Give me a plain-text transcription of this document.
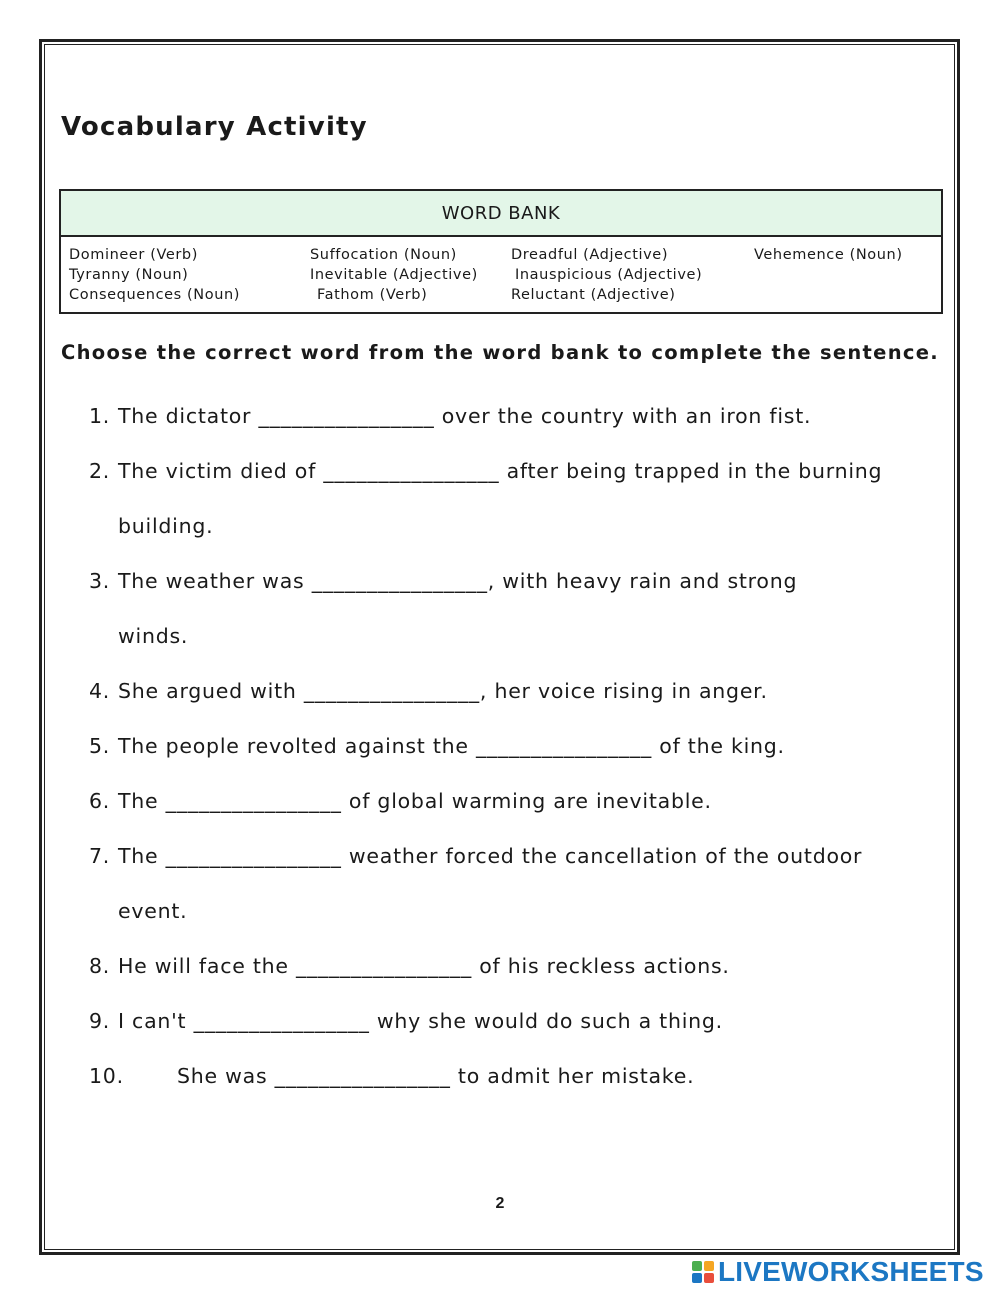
Vocabulary Activity
WORD BANK
Domineer (Verb)	Suffocation (Noun)	Dreadful (Adjective)	Vehemence (Noun)
Tyranny (Noun)	Inevitable (Adjective)	Inauspicious (Adjective)
Consequences (Noun)	Fathom (Verb)	Reluctant (Adjective)

Choose the correct word from the word bank to complete the sentence.

1. The dictator ________________ over the country with an iron fist.
2. The victim died of ________________ after being trapped in the burning
building.
3. The weather was ________________, with heavy rain and strong
winds.
4. She argued with ________________, her voice rising in anger.
5. The people revolted against the ________________ of the king.
6. The ________________ of global warming are inevitable.
7. The ________________ weather forced the cancellation of the outdoor
event.
8. He will face the ________________ of his reckless actions.
9. I can't ________________ why she would do such a thing.
10.	She was ________________ to admit her mistake.
2
LIVEWORKSHEETS
